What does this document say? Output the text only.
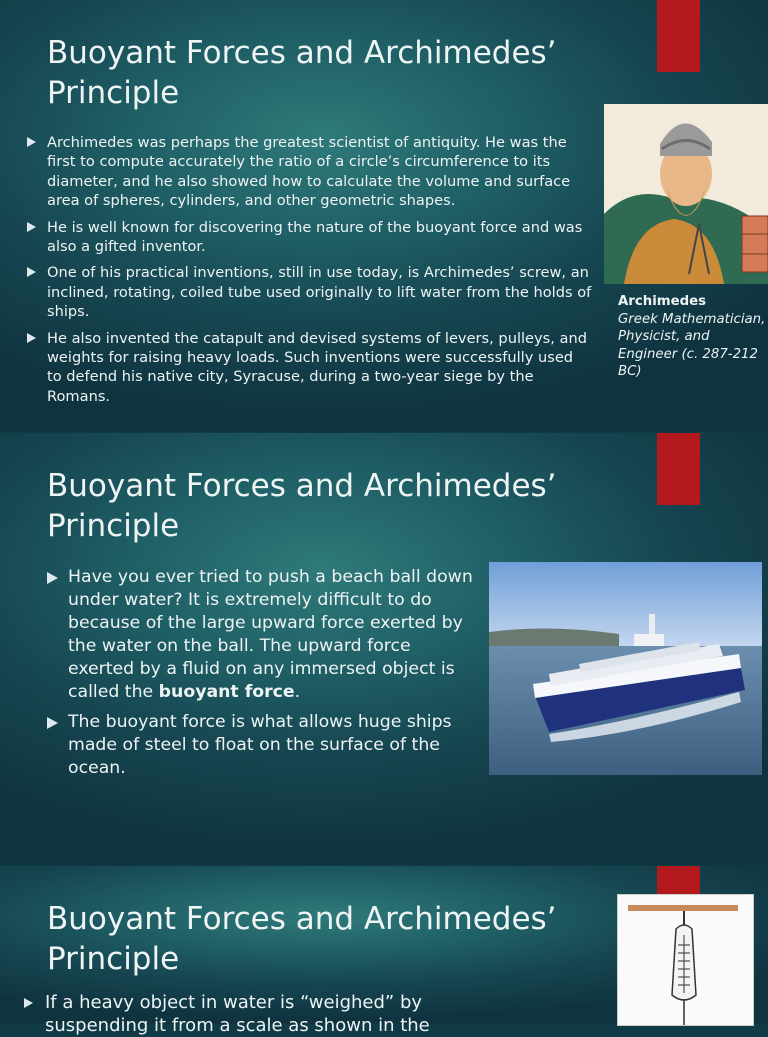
Buoyant Forces and Archimedes’
Principle
Archimedes was perhaps the greatest scientist of antiquity. He was the first to compute accurately the ratio of a circle’s circumference to its diameter, and he also showed how to calculate the volume and surface area of spheres, cylinders, and other geometric shapes.
He is well known for discovering the nature of the buoyant force and was also a gifted inventor.
One of his practical inventions, still in use today, is Archimedes’ screw, an inclined, rotating, coiled tube used originally to lift water from the holds of ships.
He also invented the catapult and devised systems of levers, pulleys, and weights for raising heavy loads. Such inventions were successfully used to defend his native city, Syracuse, during a two-year siege by the Romans.
Archimedes
Greek Mathematician, Physicist, and Engineer (c. 287-212 BC)
Buoyant Forces and Archimedes’
Principle
Have you ever tried to push a beach ball down under water? It is extremely difficult to do because of the large upward force exerted by the water on the ball. The upward force exerted by a fluid on any immersed object is called the buoyant force.
The buoyant force is what allows huge ships made of steel to float on the surface of the ocean.
Buoyant Forces and Archimedes’
Principle
If a heavy object in water is “weighed” by suspending it from a scale as shown in the
